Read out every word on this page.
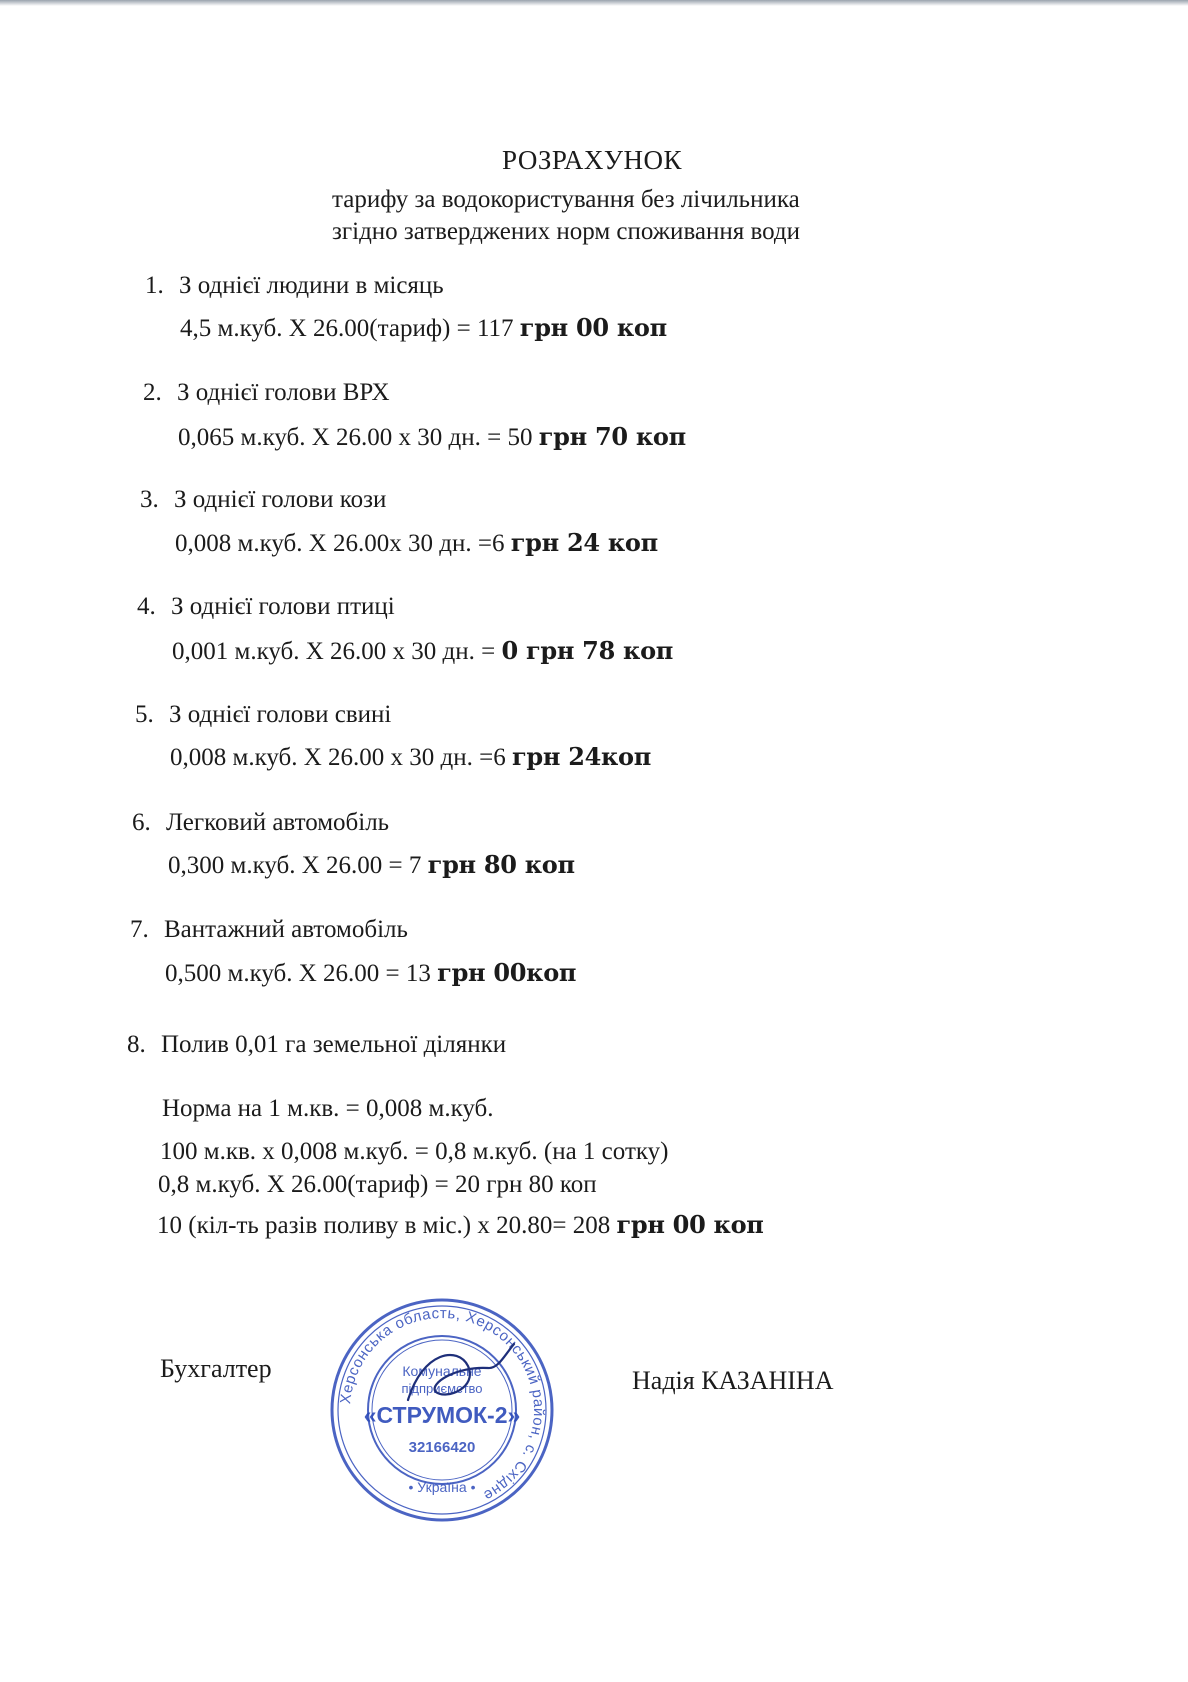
РОЗРАХУНОК
тарифу за водокористування без лічильника
згідно затверджених норм споживання води
1. З однієї людини в місяць
4,5 м.куб. Х 26.00(тариф) = 117 грн 00 коп
2. З однієї голови ВРХ
0,065 м.куб. Х 26.00 х 30 дн. = 50 грн 70 коп
3. З однієї голови кози
0,008 м.куб. Х 26.00х 30 дн. =6 грн 24 коп
4. З однієї голови птиці
0,001 м.куб. Х 26.00 х 30 дн. = 0 грн 78 коп
5. З однієї голови свині
0,008 м.куб. Х 26.00 х 30 дн. =6 грн 24коп
6. Легковий автомобіль
0,300 м.куб. Х 26.00 = 7 грн 80 коп
7. Вантажний автомобіль
0,500 м.куб. Х 26.00 = 13 грн 00коп
8. Полив 0,01 га земельної ділянки
Норма на 1 м.кв. = 0,008 м.куб.
100 м.кв. х 0,008 м.куб. = 0,8 м.куб. (на 1 сотку)
0,8 м.куб. Х 26.00(тариф) = 20 грн 80 коп
10 (кіл-ть разів поливу в міс.) х 20.80= 208 грн 00 коп
Бухгалтер	Надія КАЗАНІНА
Херсонська область, Херсонський район, с. Східне
Комунальне
підприємство
«СТРУМОК-2»
32166420
• Україна •
